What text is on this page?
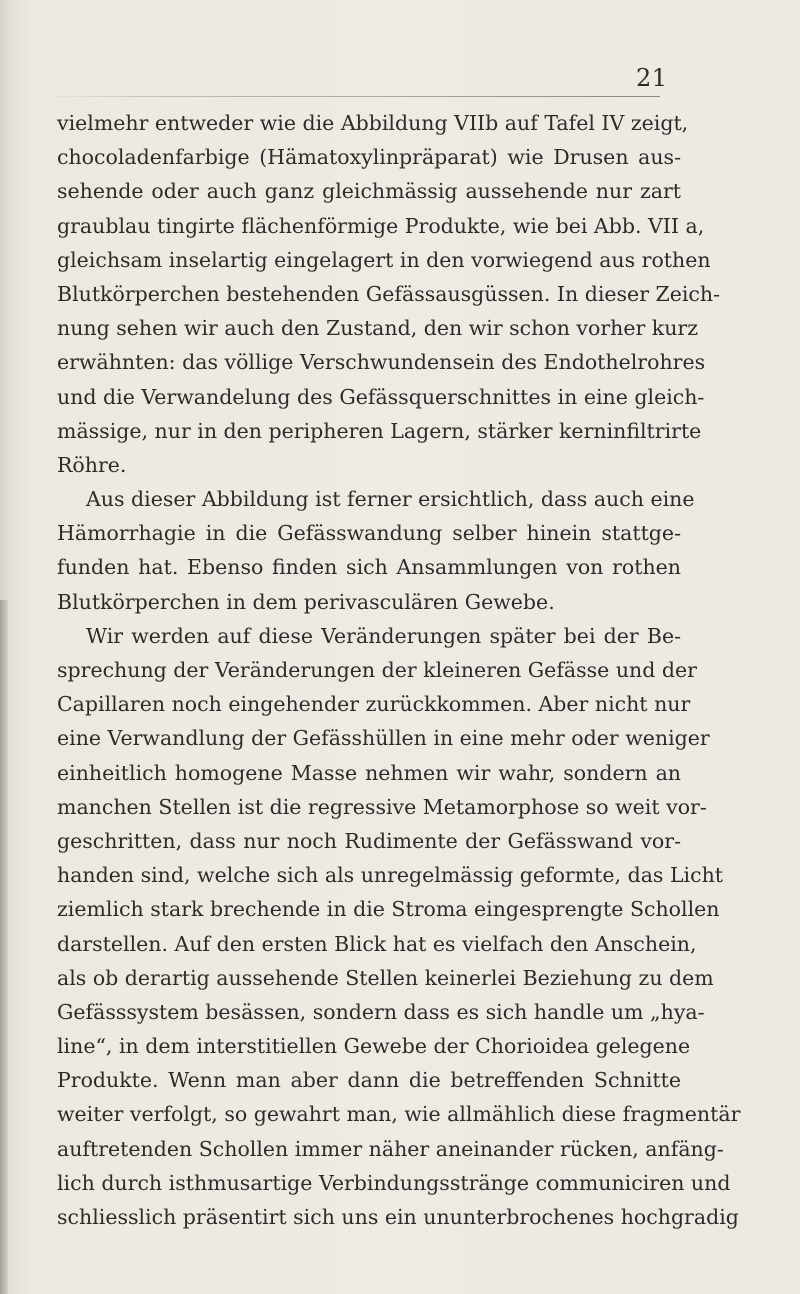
21
vielmehr entweder wie die Abbildung VIIb auf Tafel IV zeigt,
chocoladenfarbige (Hämatoxylinpräparat) wie Drusen aus-
sehende oder auch ganz gleichmässig aussehende nur zart
graublau tingirte flächenförmige Produkte, wie bei Abb. VII a,
gleichsam inselartig eingelagert in den vorwiegend aus rothen
Blutkörperchen bestehenden Gefässausgüssen. In dieser Zeich-
nung sehen wir auch den Zustand, den wir schon vorher kurz
erwähnten: das völlige Verschwundensein des Endothelrohres
und die Verwandelung des Gefässquerschnittes in eine gleich-
mässige, nur in den peripheren Lagern, stärker kerninfiltrirte
Röhre.
Aus dieser Abbildung ist ferner ersichtlich, dass auch eine
Hämorrhagie in die Gefässwandung selber hinein stattge-
funden hat. Ebenso finden sich Ansammlungen von rothen
Blutkörperchen in dem perivasculären Gewebe.
Wir werden auf diese Veränderungen später bei der Be-
sprechung der Veränderungen der kleineren Gefässe und der
Capillaren noch eingehender zurückkommen. Aber nicht nur
eine Verwandlung der Gefässhüllen in eine mehr oder weniger
einheitlich homogene Masse nehmen wir wahr, sondern an
manchen Stellen ist die regressive Metamorphose so weit vor-
geschritten, dass nur noch Rudimente der Gefässwand vor-
handen sind, welche sich als unregelmässig geformte, das Licht
ziemlich stark brechende in die Stroma eingesprengte Schollen
darstellen. Auf den ersten Blick hat es vielfach den Anschein,
als ob derartig aussehende Stellen keinerlei Beziehung zu dem
Gefässsystem besässen, sondern dass es sich handle um „hya-
line“, in dem interstitiellen Gewebe der Chorioidea gelegene
Produkte. Wenn man aber dann die betreffenden Schnitte
weiter verfolgt, so gewahrt man, wie allmählich diese fragmentär
auftretenden Schollen immer näher aneinander rücken, anfäng-
lich durch isthmusartige Verbindungsstränge communiciren und
schliesslich präsentirt sich uns ein ununterbrochenes hochgradig
